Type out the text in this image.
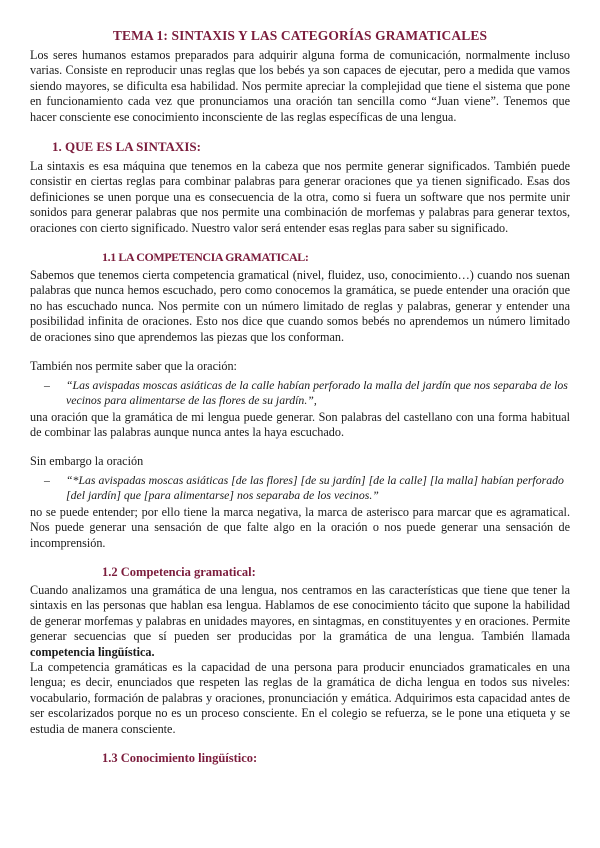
TEMA 1: SINTAXIS Y LAS CATEGORÍAS GRAMATICALES

Los seres humanos estamos preparados para adquirir alguna forma de comunicación, normalmente incluso varias. Consiste en reproducir unas reglas que los bebés ya son capaces de ejecutar, pero a medida que vamos siendo mayores, se dificulta esa habilidad. Nos permite apreciar la complejidad que tiene el sistema que pone en funcionamiento cada vez que pronunciamos una oración tan sencilla como “Juan viene”. Tenemos que hacer consciente ese conocimiento inconsciente de las reglas específicas de una lengua.

1. QUE ES LA SINTAXIS:

La sintaxis es esa máquina que tenemos en la cabeza que nos permite generar significados. También puede consistir en ciertas reglas para combinar palabras para generar oraciones que ya tienen significado. Esas dos definiciones se unen porque una es consecuencia de la otra, como si fuera un software que nos permite unir sonidos para generar palabras que nos permite una combinación de morfemas y palabras para generar textos, oraciones con cierto significado. Nuestro valor será entender esas reglas para saber su significado.

1.1 LA COMPETENCIA GRAMATICAL:

Sabemos que tenemos cierta competencia gramatical (nivel, fluidez, uso, conocimiento…) cuando nos suenan palabras que nunca hemos escuchado, pero como conocemos la gramática, se puede entender una oración que no has escuchado nunca. Nos permite con un número limitado de reglas y palabras, generar y entender una posibilidad infinita de oraciones. Esto nos dice que cuando somos bebés no aprendemos un número limitado de oraciones sino que aprendemos las piezas que los conforman.

También nos permite saber que la oración:

–	“Las avispadas moscas asiáticas de la calle habían perforado la malla del jardín que nos separaba de los vecinos para alimentarse de las flores de su jardín.”,

una oración que la gramática de mi lengua puede generar. Son palabras del castellano con una forma habitual de combinar las palabras aunque nunca antes la haya escuchado.

Sin embargo la oración

–	“*Las avispadas moscas asiáticas [de las flores] [de su jardín] [de la calle] [la malla] habían perforado [del jardín] que [para alimentarse] nos separaba de los vecinos.”

no se puede entender; por ello tiene la marca negativa, la marca de asterisco para marcar que es agramatical. Nos puede generar una sensación de que falte algo en la oración o nos puede generar una sensación de incomprensión.

1.2 Competencia gramatical:

Cuando analizamos una gramática de una lengua, nos centramos en las características que tiene que tener la sintaxis en las personas que hablan esa lengua. Hablamos de ese conocimiento tácito que supone la habilidad de generar morfemas y palabras en unidades mayores, en sintagmas, en constituyentes y en oraciones. Permite generar secuencias que sí pueden ser producidas por la gramática de una lengua. También llamada competencia lingüística.

La competencia gramáticas es la capacidad de una persona para producir enunciados gramaticales en una lengua; es decir, enunciados que respeten las reglas de la gramática de dicha lengua en todos sus niveles: vocabulario, formación de palabras y oraciones, pronunciación y emática. Adquirimos esta capacidad antes de ser escolarizados porque no es un proceso consciente. En el colegio se refuerza, se le pone una etiqueta y se estudia de manera consciente.

1.3 Conocimiento lingüístico:
